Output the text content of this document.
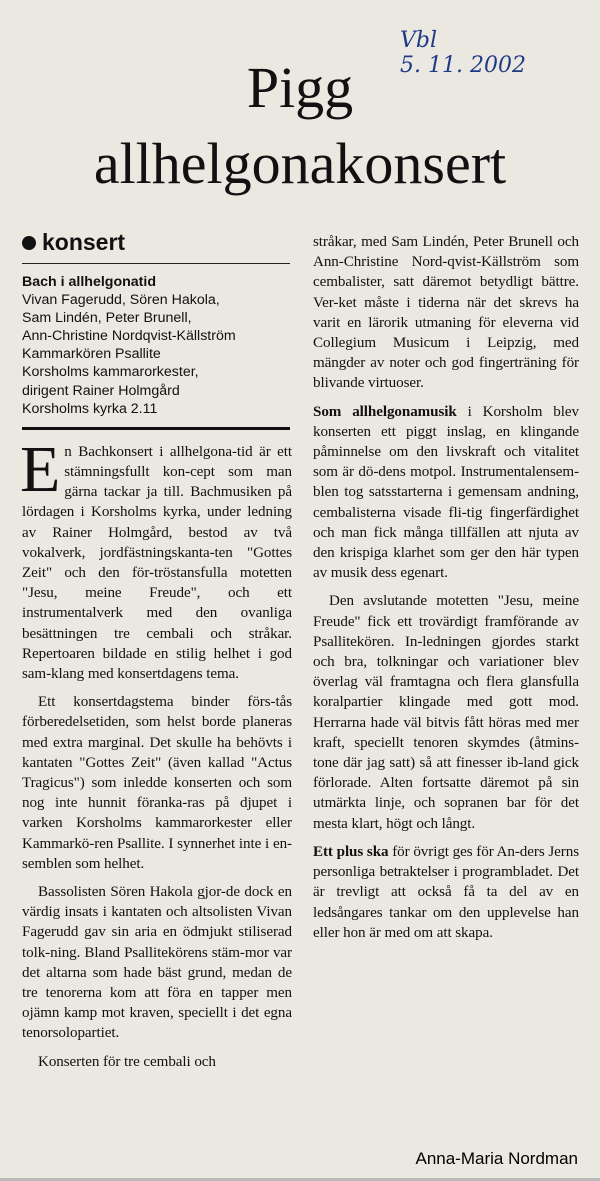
Vbl
5. 11. 2002
Pigg
allhelgonakonsert
konsert
Bach i allhelgonatid
Vivan Fagerudd, Sören Hakola,
Sam Lindén, Peter Brunell,
Ann-Christine Nordqvist-Källström
Kammarkören Psallite
Korsholms kammarorkester,
dirigent Rainer Holmgård
Korsholms kyrka 2.11

En Bachkonsert i allhelgona-tid är ett stämningsfullt kon-cept som man gärna tackar ja till. Bachmusiken på lördagen i Korsholms kyrka, under ledning av Rainer Holmgård, bestod av två vokalverk, jordfästningskanta-ten "Gottes Zeit" och den för-tröstansfulla motetten "Jesu, meine Freude", och ett instrumentalverk med den ovanliga besättningen tre cembali och stråkar. Repertoaren bildade en stilig helhet i god sam-klang med konsertdagens tema.

Ett konsertdagstema binder förs-tås förberedelsetiden, som helst borde planeras med extra marginal. Det skulle ha behövts i kantaten "Gottes Zeit" (även kallad "Actus Tragicus") som inledde konserten och som nog inte hunnit föranka-ras på djupet i varken Korsholms kammarorkester eller Kammarkö-ren Psallite. I synnerhet inte i en-semblen som helhet.

Bassolisten Sören Hakola gjor-de dock en värdig insats i kantaten och altsolisten Vivan Fagerudd gav sin aria en ödmjukt stiliserad tolk-ning. Bland Psallitekörens stäm-mor var det altarna som hade bäst grund, medan de tre tenorerna kom att föra en tapper men ojämn kamp mot kraven, speciellt i det egna tenorsolopartiet.

Konserten för tre cembali och

stråkar, med Sam Lindén, Peter Brunell och Ann-Christine Nord-qvist-Källström som cembalister, satt däremot betydligt bättre. Ver-ket måste i tiderna när det skrevs ha varit en lärorik utmaning för eleverna vid Collegium Musicum i Leipzig, med mängder av noter och god fingerträning för blivande virtuoser.

Som allhelgonamusik i Korsholm blev konserten ett piggt inslag, en klingande påminnelse om den livskraft och vitalitet som är dö-dens motpol. Instrumentalensem-blen tog satsstarterna i gemensam andning, cembalisterna visade fli-tig fingerfärdighet och man fick många tillfällen att njuta av den krispiga klarhet som ger den här typen av musik dess egenart.

Den avslutande motetten "Jesu, meine Freude" fick ett trovärdigt framförande av Psallitekören. In-ledningen gjordes starkt och bra, tolkningar och variationer blev överlag väl framtagna och flera glansfulla koralpartier klingade med gott mod. Herrarna hade väl bitvis fått höras med mer kraft, speciellt tenoren skymdes (åtmins-tone där jag satt) så att finesser ib-land gick förlorade. Alten fortsatte däremot på sin utmärkta linje, och sopranen bar för det mesta klart, högt och långt.

Ett plus ska för övrigt ges för An-ders Jerns personliga betraktelser i programbladet. Det är trevligt att också få ta del av en ledsångares tankar om den upplevelse han eller hon är med om att skapa.

Anna-Maria Nordman
